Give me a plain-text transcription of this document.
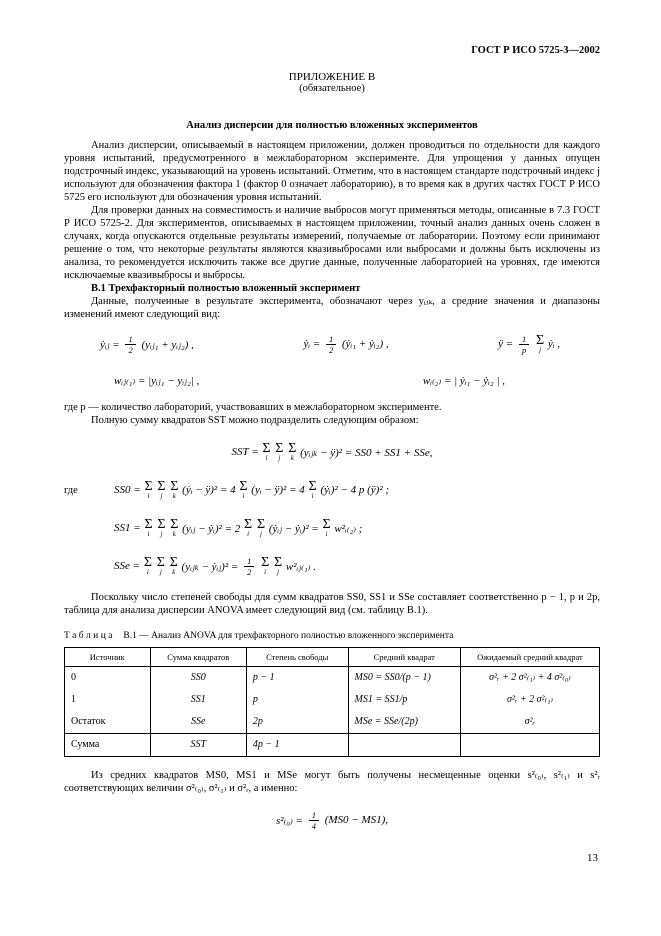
ГОСТ Р ИСО 5725-3—2002
ПРИЛОЖЕНИЕ В
(обязательное)
Анализ дисперсии для полностью вложенных экспериментов

Анализ дисперсии, описываемый в настоящем приложении, должен проводиться по отдельности для каждого уровня испытаний, предусмотренного в межлабораторном эксперименте. Для упрощения у данных опущен подстрочный индекс, указывающий на уровень испытаний. Отметим, что в настоящем стандарте подстрочный индекс j используют для обозначения фактора 1 (фактор 0 означает лабораторию), в то время как в других частях ГОСТ Р ИСО 5725 его используют для обозначения уровня испытаний.

Для проверки данных на совместимость и наличие выбросов могут применяться методы, описанные в 7.3 ГОСТ Р ИСО 5725-2. Для экспериментов, описываемых в настоящем приложении, точный анализ данных очень сложен в случаях, когда опускаются отдельные результаты измерений, получаемые от лаборатории. Поэтому если принимают решение о том, что некоторые результаты являются квазивыбросами или выбросами и должны быть исключены из анализа, то рекомендуется исключить также все другие данные, полученные лабораторией на уровнях, где имеются исключаемые квазивыбросы и выбросы.

В.1 Трехфакторный полностью вложенный эксперимент

Данные, полученные в результате эксперимента, обозначают через yᵢⱼₖ, а средние значения и диапазоны изменений имеют следующий вид:

ẏᵢⱼ = $\frac{1}{2}$ (yᵢⱼ₁ + yᵢⱼ₂) ,	ẏᵢ = $\frac{1}{2}$ (ẏᵢ₁ + ẏᵢ₂) ,	ÿ = $\frac{1}{p}$
Σ
j ẏᵢ ,
wᵢⱼ₍₁₎ = |yᵢⱼ₁ − yᵢⱼ₂| ,	wᵢ₍₂₎ = | ẏᵢ₁ − ẏᵢ₂ | ,

где p — количество лабораторий, участвовавших в межлабораторном эксперименте.

Полную сумму квадратов SST можно подразделить следующим образом:

SST = Σ
i

Σ
j

Σ
k (yᵢⱼₖ − ÿ)² = SS0 + SS1 + SSe,
где	SS0 = Σ
i

Σ
j

Σ
k (ẏᵢ − ÿ)² = 4 Σ
i (yᵢ − ÿ)² = 4 Σ
i (ẏᵢ)² − 4 p (ÿ)² ;
SS1 = Σ
i

Σ
j

Σ
k (yᵢⱼ − ẏᵢ)² = 2 Σ
i

Σ
j (ẏᵢⱼ − ẏᵢ)² = Σ
i w²ᵢ₍₂₎ ;
SSe = Σ
i

Σ
j

Σ
k (yᵢⱼₖ − ẏᵢⱼ)² = $\frac{1}{2}$
Σ
i

Σ
j w²ᵢⱼ₍₁₎ .

Поскольку число степеней свободы для сумм квадратов SS0, SS1 и SSe составляет соответственно p − 1, p и 2p, таблица для анализа дисперсии ANOVA имеет следующий вид (см. таблицу В.1).

Таблица В.1 — Анализ ANOVA для трехфакторного полностью вложенного эксперимента
Источник	Сумма квадратов	Степень свободы	Средний квадрат	Ожидаемый средний квадрат
0	SS0	p − 1	MS0 = SS0/(p − 1)	σ²ᵣ + 2 σ²₍₁₎ + 4 σ²₍₀₎
1	SS1	p	MS1 = SS1/p	σ²ᵣ + 2 σ²₍₁₎
Остаток	SSe	2p	MSe = SSe/(2p)	σ²ᵣ
Сумма	SST	4p − 1		

Из средних квадратов MS0, MS1 и MSe могут быть получены несмещенные оценки s²₍₀₎, s²₍₁₎ и s²ᵣ соответствующих величин σ²₍₀₎, σ²₍₁₎ и σ²ᵣ, а именно:

$s^2_{(0)} = \frac{1}{4} (MS0 - MS1)$,
13
